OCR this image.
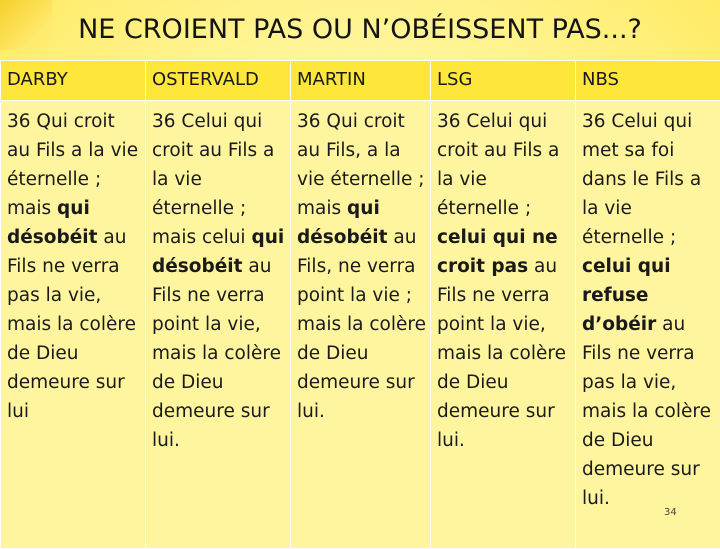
NE CROIENT PAS OU N’OBÉISSENT PAS...?
DARBY	OSTERVALD	MARTIN	LSG	NBS
36 Qui croit au Fils a la vie éternelle ; mais qui désobéit au Fils ne verra pas la vie, mais la colère de Dieu demeure sur lui	36 Celui qui croit au Fils a la vie éternelle ; mais celui qui désobéit au Fils ne verra point la vie, mais la colère de Dieu demeure sur lui.	36 Qui croit au Fils, a la vie éternelle ; mais qui désobéit au Fils, ne verra point la vie ; mais la colère de Dieu demeure sur lui.	36 Celui qui croit au Fils a la vie éternelle ; celui qui ne croit pas au Fils ne verra point la vie, mais la colère de Dieu demeure sur lui.	36 Celui qui met sa foi dans le Fils a la vie éternelle ; celui qui refuse d’obéir au Fils ne verra pas la vie, mais la colère de Dieu demeure sur lui.
34
